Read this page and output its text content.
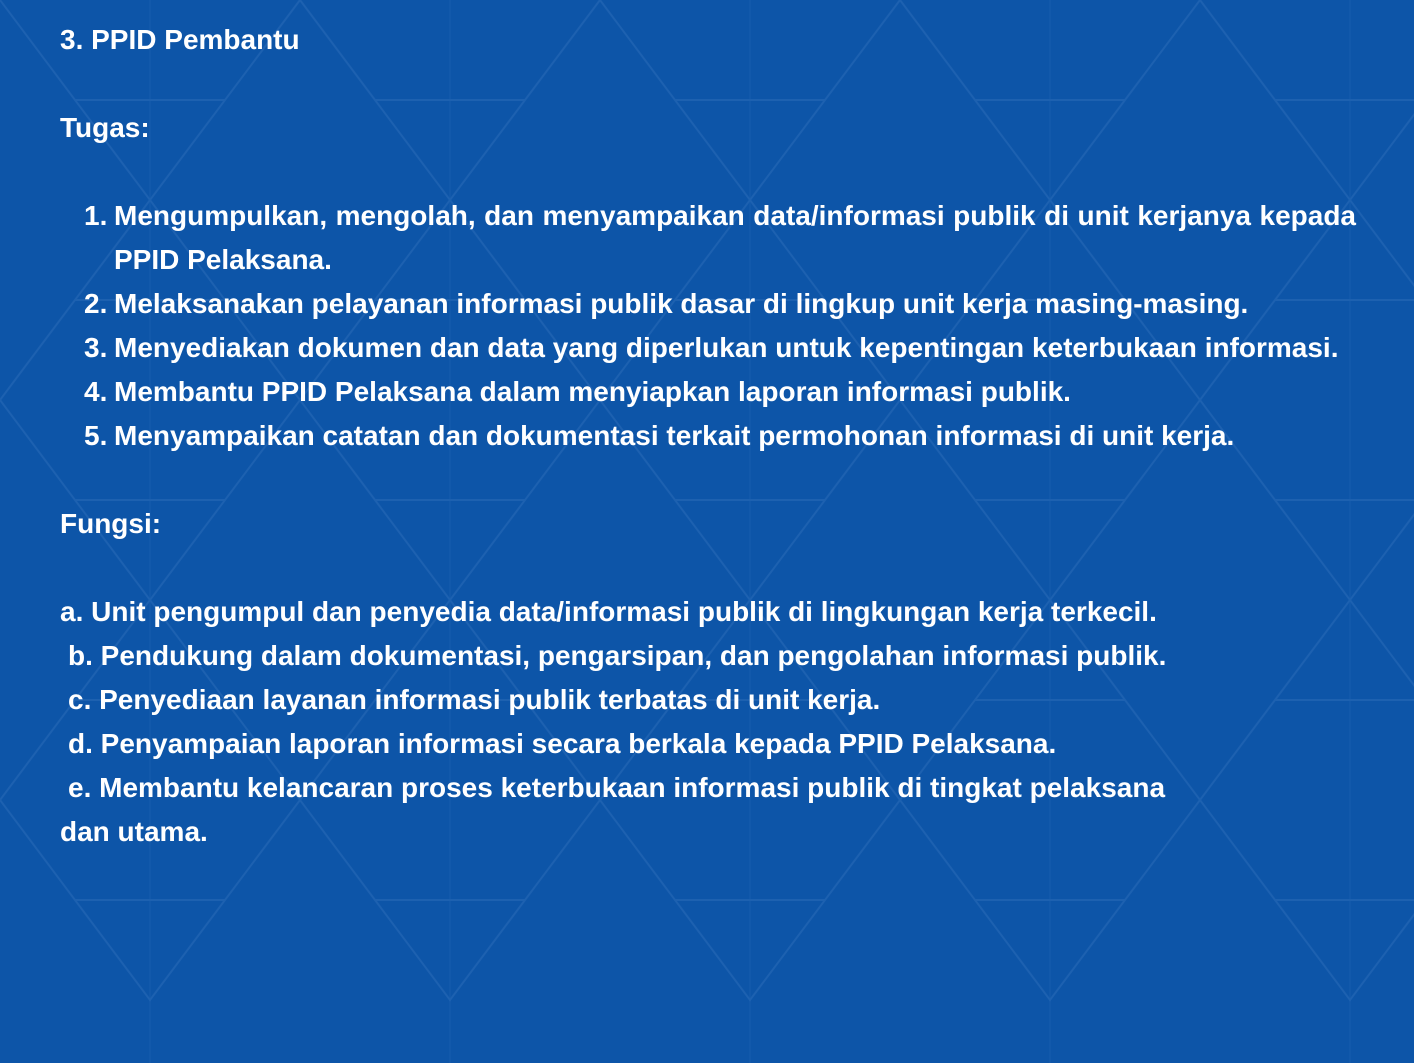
3. PPID Pembantu
Tugas:
1. Mengumpulkan, mengolah, dan menyampaikan data/informasi publik di unit kerjanya kepada PPID Pelaksana.
2. Melaksanakan pelayanan informasi publik dasar di lingkup unit kerja masing-masing.
3. Menyediakan dokumen dan data yang diperlukan untuk kepentingan keterbukaan informasi.
4. Membantu PPID Pelaksana dalam menyiapkan laporan informasi publik.
5. Menyampaikan catatan dan dokumentasi terkait permohonan informasi di unit kerja.
Fungsi:
a. Unit pengumpul dan penyedia data/informasi publik di lingkungan kerja terkecil.
b. Pendukung dalam dokumentasi, pengarsipan, dan pengolahan informasi publik.
c. Penyediaan layanan informasi publik terbatas di unit kerja.
d. Penyampaian laporan informasi secara berkala kepada PPID Pelaksana.
e. Membantu kelancaran proses keterbukaan informasi publik di tingkat pelaksana
dan utama.
